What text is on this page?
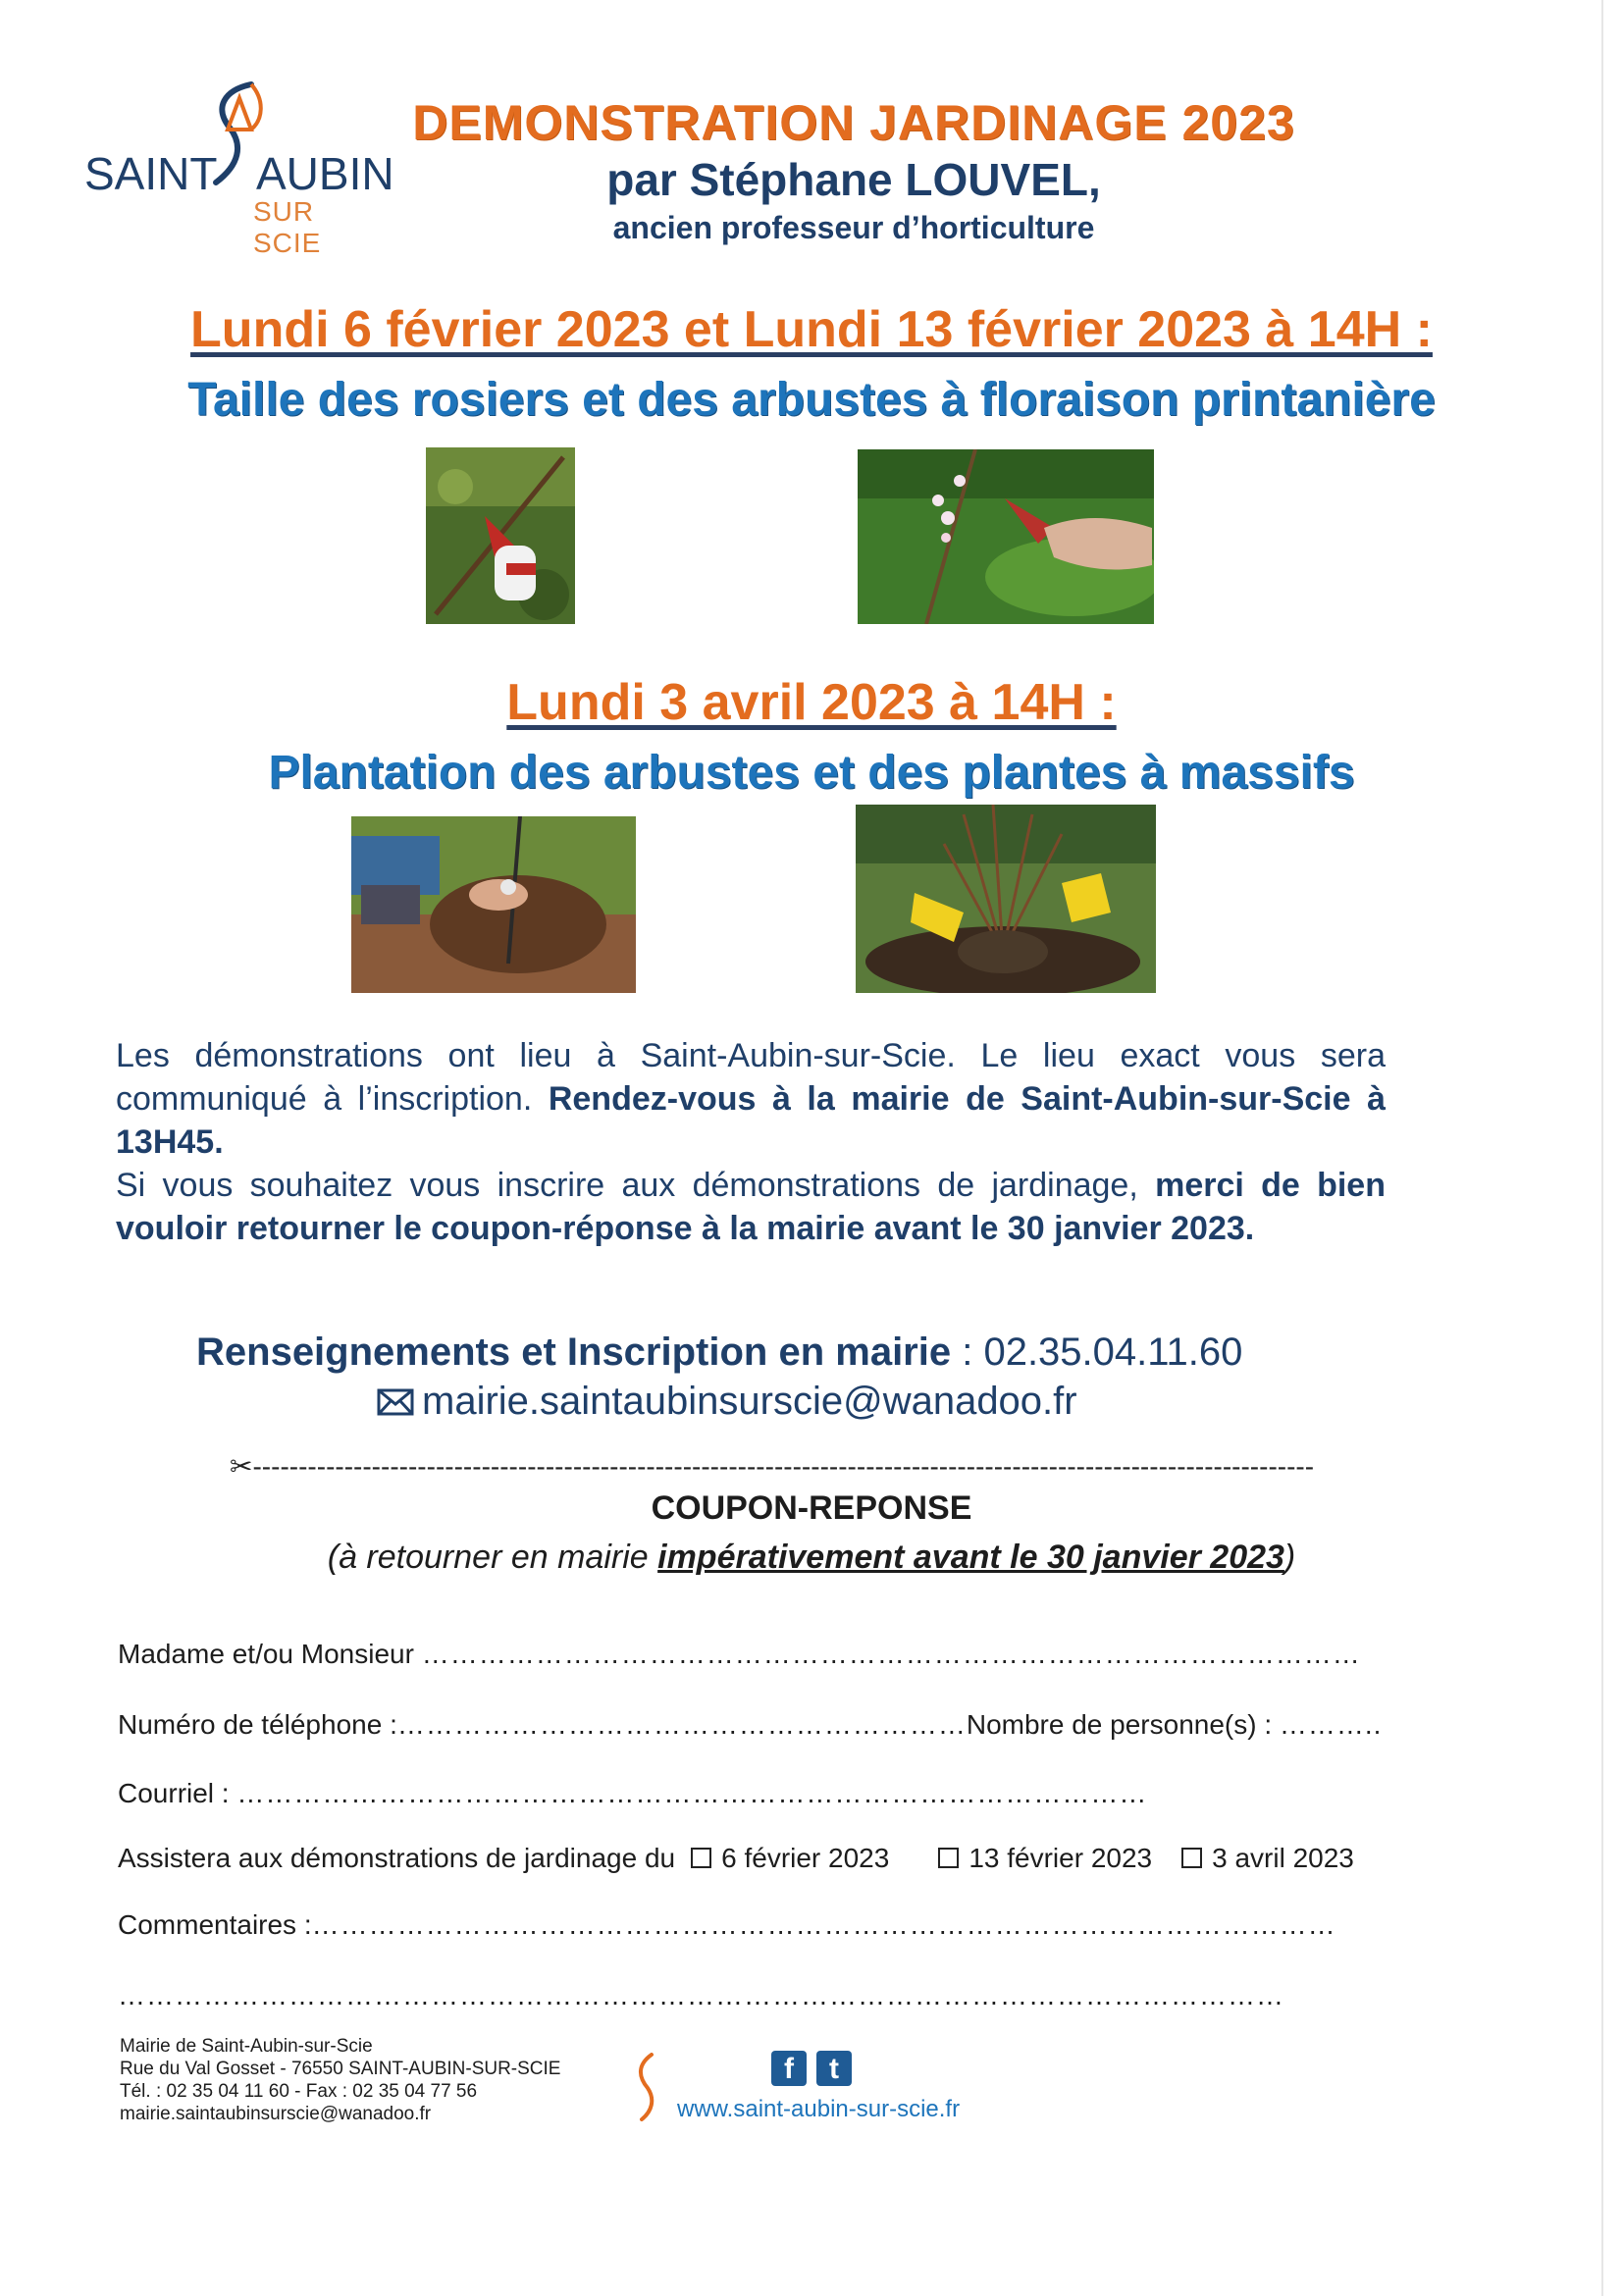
SAINT AUBIN
SUR SCIE
DEMONSTRATION JARDINAGE 2023
par Stéphane LOUVEL,
ancien professeur d’horticulture
Lundi 6 février 2023 et Lundi 13 février 2023 à 14H :
Taille des rosiers et des arbustes à floraison printanière
Lundi 3 avril 2023 à 14H :
Plantation des arbustes et des plantes à massifs
Les démonstrations ont lieu à Saint-Aubin-sur-Scie. Le lieu exact vous sera communiqué à l’inscription. Rendez-vous à la mairie de Saint-Aubin-sur-Scie à 13H45.
Si vous souhaitez vous inscrire aux démonstrations de jardinage, merci de bien vouloir retourner le coupon-réponse à la mairie avant le 30 janvier 2023.
Renseignements et Inscription en mairie : 02.35.04.11.60
mairie.saintaubinsurscie@wanadoo.fr
✂--------------------------------------------------------------------------------------------------------------------
COUPON-REPONSE
(à retourner en mairie impérativement avant le 30 janvier 2023)
Madame et/ou Monsieur ………………………………………………………………………………………
Numéro de téléphone :……………………………………………………Nombre de personne(s) : ………..
Courriel : ……………………………………………………………………………………
Assistera aux démonstrations de jardinage du 6 février 2023	13 février 2023 3 avril 2023
Commentaires :………………………………………………………………………………………………
……………………………………………………………………………………………………………
Mairie de Saint-Aubin-sur-Scie
Rue du Val Gosset - 76550 SAINT-AUBIN-SUR-SCIE
Tél. : 02 35 04 11 60 - Fax : 02 35 04 77 56
mairie.saintaubinsurscie@wanadoo.fr
f t
www.saint-aubin-sur-scie.fr
